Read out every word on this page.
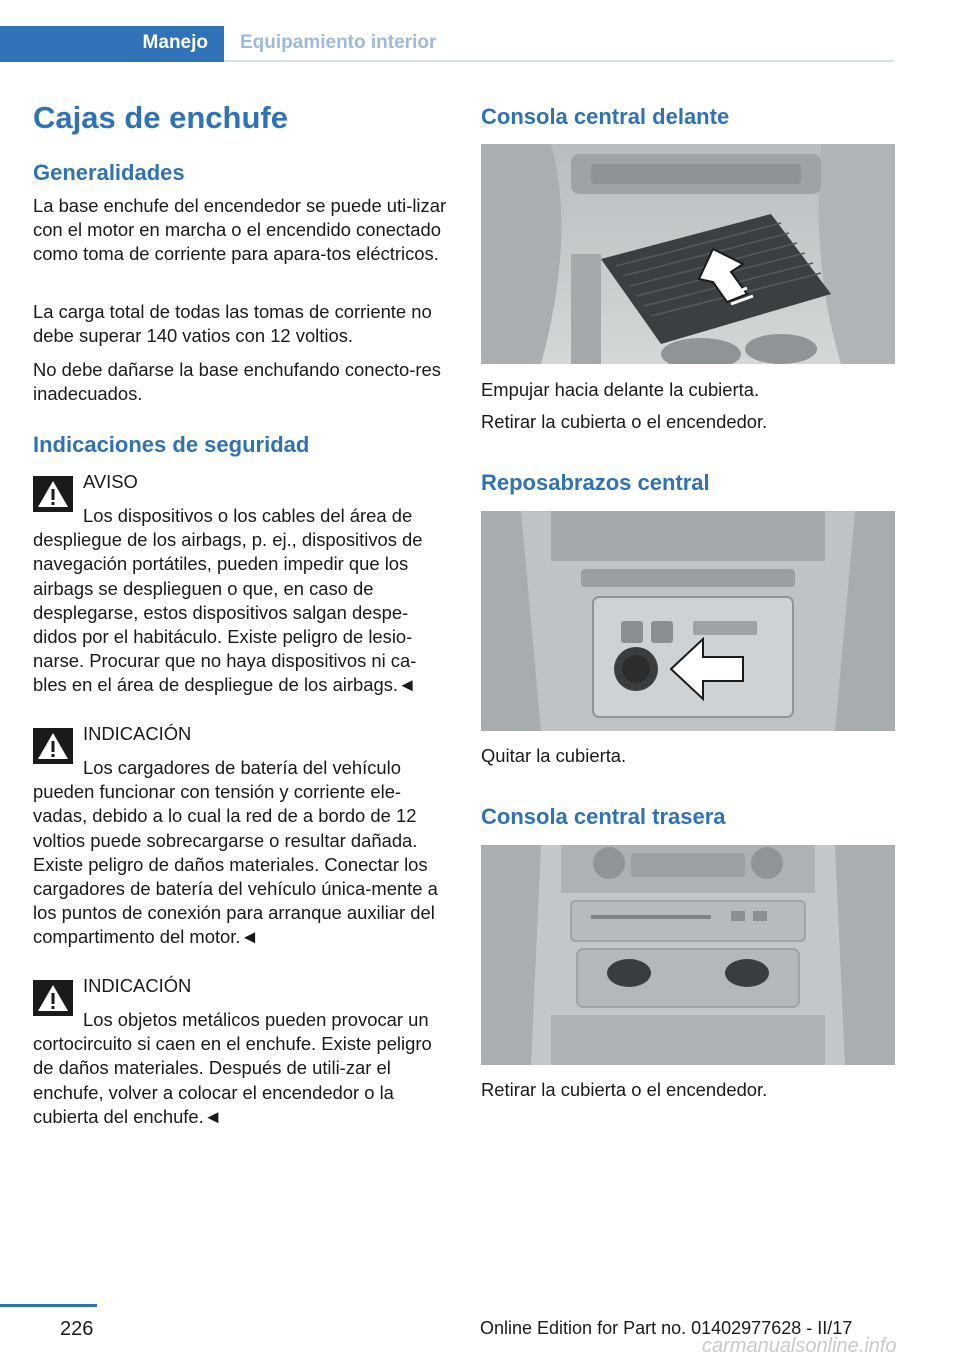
Manejo Equipamiento interior
Cajas de enchufe
Generalidades
La base enchufe del encendedor se puede uti‐lizar con el motor en marcha o el encendido conectado como toma de corriente para apara‐tos eléctricos.
La carga total de todas las tomas de corriente no debe superar 140 vatios con 12 voltios.
No debe dañarse la base enchufando conecto‐res inadecuados.
Indicaciones de seguridad
AVISO
Los dispositivos o los cables del área de despliegue de los airbags, p. ej., dispositivos de navegación portátiles, pueden impedir que los airbags se desplieguen o que, en caso de desplegarse, estos dispositivos salgan despe‐didos por el habitáculo. Existe peligro de lesio‐narse. Procurar que no haya dispositivos ni ca‐bles en el área de despliegue de los airbags.◄
INDICACIÓN
Los cargadores de batería del vehículo pueden funcionar con tensión y corriente ele‐vadas, debido a lo cual la red de a bordo de 12 voltios puede sobrecargarse o resultar dañada. Existe peligro de daños materiales. Conectar los cargadores de batería del vehículo única‐mente a los puntos de conexión para arranque auxiliar del compartimento del motor.◄
INDICACIÓN
Los objetos metálicos pueden provocar un cortocircuito si caen en el enchufe. Existe peligro de daños materiales. Después de utili‐zar el enchufe, volver a colocar el encendedor o la cubierta del enchufe.◄
Consola central delante
Empujar hacia delante la cubierta.
Retirar la cubierta o el encendedor.
Reposabrazos central
Quitar la cubierta.
Consola central trasera
Retirar la cubierta o el encendedor.
226	Online Edition for Part no. 01402977628 - II/17
carmanualsonline.info
